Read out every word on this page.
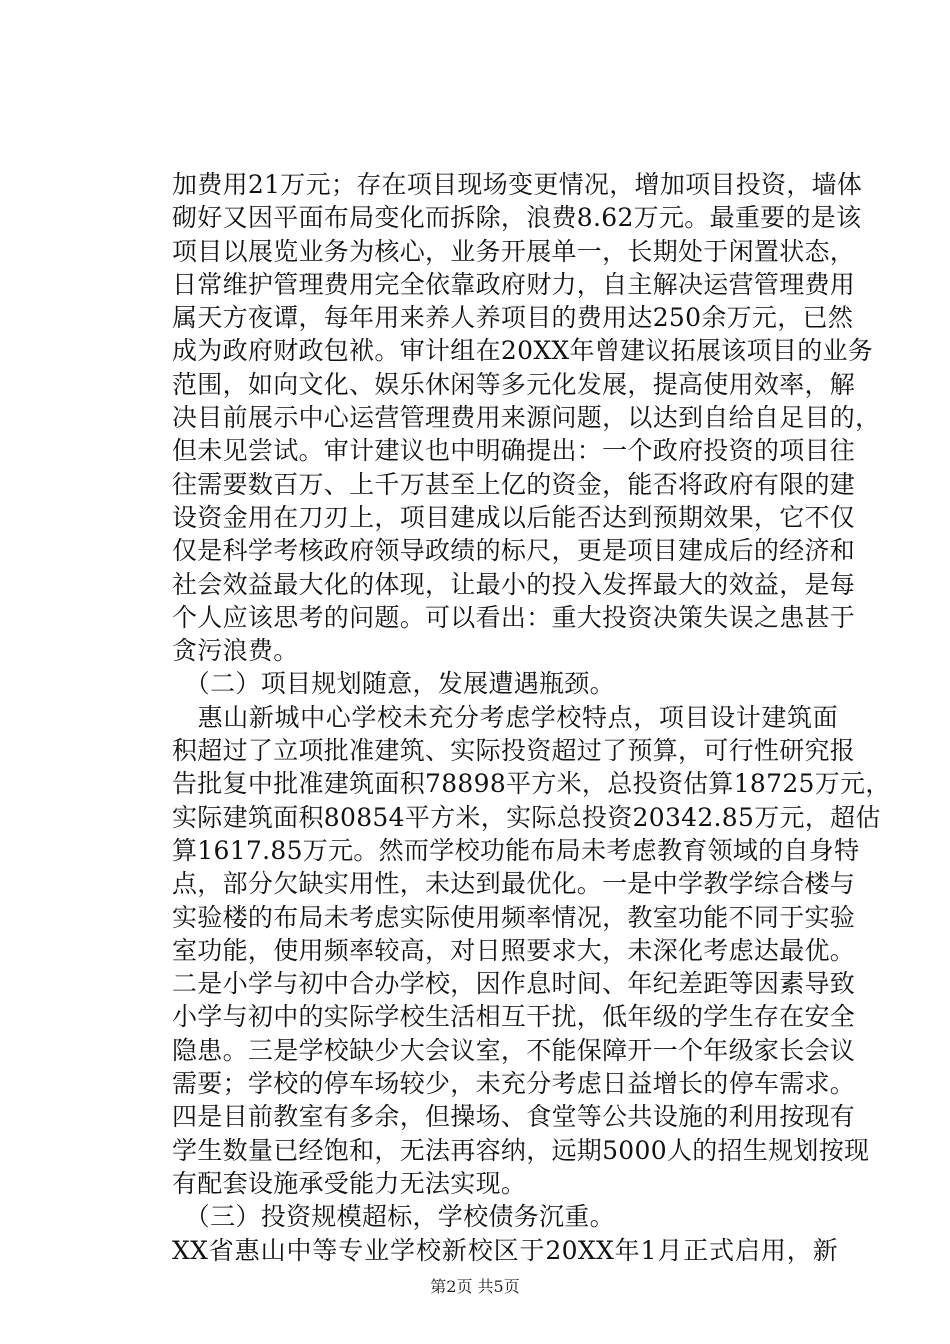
加费用21万元；存在项目现场变更情况，增加项目投资，墙体
砌好又因平面布局变化而拆除，浪费8.62万元。最重要的是该
项目以展览业务为核心，业务开展单一，长期处于闲置状态，
日常维护管理费用完全依靠政府财力，自主解决运营管理费用
属天方夜谭，每年用来养人养项目的费用达250余万元，已然
成为政府财政包袱。审计组在20XX年曾建议拓展该项目的业务
范围，如向文化、娱乐休闲等多元化发展，提高使用效率，解
决目前展示中心运营管理费用来源问题，以达到自给自足目的，
但未见尝试。审计建议也中明确提出：一个政府投资的项目往
往需要数百万、上千万甚至上亿的资金，能否将政府有限的建
设资金用在刀刃上，项目建成以后能否达到预期效果，它不仅
仅是科学考核政府领导政绩的标尺，更是项目建成后的经济和
社会效益最大化的体现，让最小的投入发挥最大的效益，是每
个人应该思考的问题。可以看出：重大投资决策失误之患甚于
贪污浪费。
　（二）项目规划随意，发展遭遇瓶颈。
　惠山新城中心学校未充分考虑学校特点，项目设计建筑面
积超过了立项批准建筑、实际投资超过了预算，可行性研究报
告批复中批准建筑面积78898平方米，总投资估算18725万元，
实际建筑面积80854平方米，实际总投资20342.85万元，超估
算1617.85万元。然而学校功能布局未考虑教育领域的自身特
点，部分欠缺实用性，未达到最优化。一是中学教学综合楼与
实验楼的布局未考虑实际使用频率情况，教室功能不同于实验
室功能，使用频率较高，对日照要求大，未深化考虑达最优。
二是小学与初中合办学校，因作息时间、年纪差距等因素导致
小学与初中的实际学校生活相互干扰，低年级的学生存在安全
隐患。三是学校缺少大会议室，不能保障开一个年级家长会议
需要；学校的停车场较少，未充分考虑日益增长的停车需求。
四是目前教室有多余，但操场、食堂等公共设施的利用按现有
学生数量已经饱和，无法再容纳，远期5000人的招生规划按现
有配套设施承受能力无法实现。
　（三）投资规模超标，学校债务沉重。
XX省惠山中等专业学校新校区于20XX年1月正式启用，新
第2页 共5页
